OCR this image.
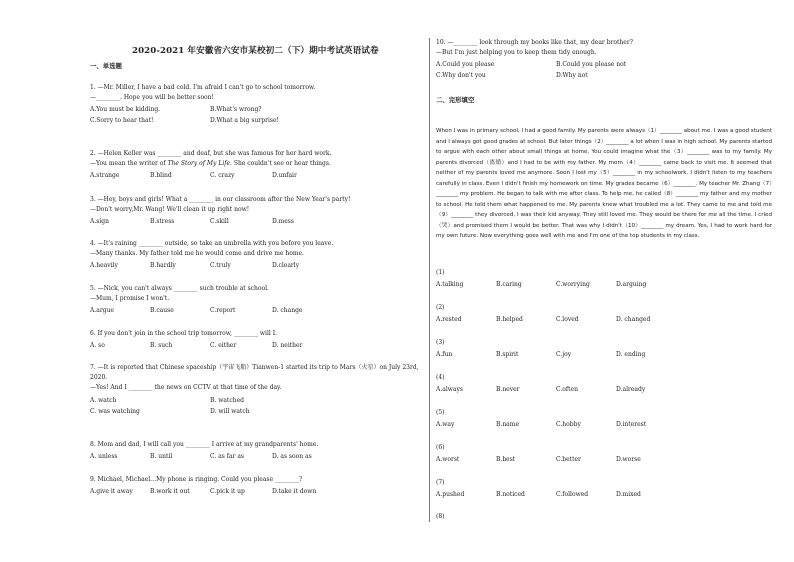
2020-2021 年安徽省六安市某校初二（下）期中考试英语试卷
一、单选题
1. —Mr. Miller, I have a bad cold. I'm afraid I can't go to school tomorrow.
—________. Hope you will be better soon!
A.You must be kidding.	B.What's wrong?
C.Sorry to hear that!	D.What a big surprise!
2. —Helen Keller was ________ and deaf, but she was famous for her hard work.
—You mean the writer of The Story of My Life. She couldn't see or hear things.
A.strange	B.blind	C. crazy	D.unfair
3. —Hey, boys and girls! What a ________ in our classroom after the New Year's party!
—Don't worry,Mr. Wang! We'll clean it up right now!
A.sign	B.stress	C.skill	D.mess
4. —It's raining ________ outside, so take an umbrella with you before you leave.
—Many thanks. My father told me he would come and drive me home.
A.heavily	B.hardly	C.truly	D.clearly
5. —Nick, you can't always ________ such trouble at school.
—Mum, I promise I won't.
A.argue	B.cause	C.report	D. change
6. If you don't join in the school trip tomorrow, ________ will I.
A. so	B. such	C. either	D. neither
7. —It is reported that Chinese spaceship（宇宙飞船）Tianwen-1 started its trip to Mars（火星）on July 23rd,
2020.
—Yes! And I ________ the news on CCTV at that time of the day.
A. watch	B. watched
C. was watching	D. will watch
8. Mom and dad, I will call you ________ I arrive at my grandparents' home.
A. unless	B. until	C. as far as	D. as soon as
9. Michael, Michael…My phone is ringing. Could you please ________?
A.give it away	B.work it out	C.pick it up	D.take it down
10. —________ look through my books like that, my dear brother?
—But I'm just helping you to keep them tidy enough.
A.Could you please	B.Could you please not
C.Why don't you	D.Why not
二、完形填空
When I was in primary school, I had a good family. My parents were always（1）________ about me. I was a good student and I always got good grades at school. But later things（2）________ a lot when I was in high school. My parents started to argue with each other about small things at home. You could imagine what the（3）________ was to my family. My parents divorced（离婚）and I had to be with my father. My mom（4）________ came back to visit me. It seemed that neither of my parents loved me anymore. Soon I lost my（5）________ in my schoolwork. I didn't listen to my teachers carefully in class. Even I didn't finish my homework on time. My grades became（6）________. My teacher Mr. Zhang（7）________ my problem. He began to talk with me after class. To help me, he called（8）________ my father and my mother to school. He told them what happened to me. My parents knew what troubled me a lot. They came to me and told me（9）________ they divorced, I was their kid anyway. They still loved me. They would be there for me all the time. I cried（哭）and promised them I would be better. That was why I didn't（10）________ my dream. Yes, I had to work hard for my own future. Now everything goes well with me and I'm one of the top students in my class.
(1)
A.talking	B.caring	C.worrying	D.arguing
(2)
A.rested	B.helped	C.loved	D. changed
(3)
A.fun	B.spirit	C.joy	D. ending
(4)
A.always	B.never	C.often	D.already
(5)
A.way	B.name	C.hobby	D.interest
(6)
A.worst	B.best	C.better	D.worse
(7)
A.pushed	B.noticed	C.followed	D.mixed
(8)
